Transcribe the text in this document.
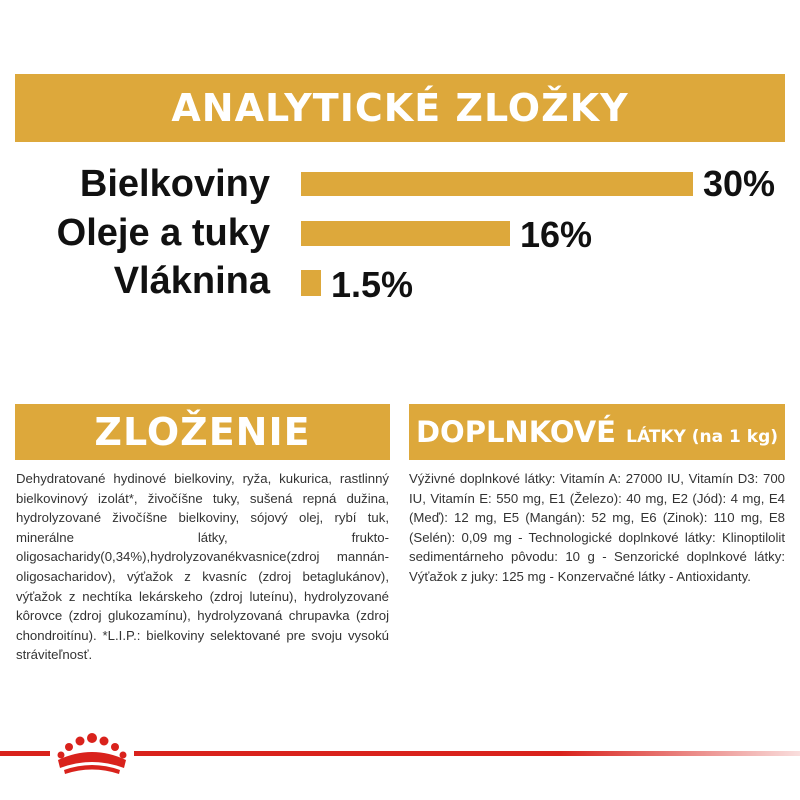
ANALYTICKÉ ZLOŽKY
Bielkoviny	30%
Oleje a tuky	16%
Vláknina 1.5%
ZLOŽENIE
Dehydratované hydinové bielkoviny, ryža, kukurica, rastlinný bielkovinový izolát*, živočíšne tuky, sušená repná dužina, hydrolyzované živočíšne bielkoviny, sójový olej, rybí tuk, minerálne látky, frukto-oligosacharidy(0,34%),hydrolyzovanékvasnice(zdroj mannán-oligosacharidov), výťažok z kvasníc (zdroj betaglukánov), výťažok z nechtíka lekárskeho (zdroj luteínu), hydrolyzované kôrovce (zdroj glukozamínu), hydrolyzovaná chrupavka (zdroj chondroitínu). *L.I.P.: bielkoviny selektované pre svoju vysokú stráviteľnosť.
DOPLNKOVÉ LÁTKY (na 1 kg)
Výživné doplnkové látky: Vitamín A: 27000 IU, Vitamín D3: 700 IU, Vitamín E: 550 mg, E1 (Železo): 40 mg, E2 (Jód): 4 mg, E4 (Meď): 12 mg, E5 (Mangán): 52 mg, E6 (Zinok): 110 mg, E8 (Selén): 0,09 mg - Technologické doplnkové látky: Klinoptilolit sedimentárneho pôvodu: 10 g - Senzorické doplnkové látky: Výťažok z juky: 125 mg - Konzervačné látky - Antioxidanty.
